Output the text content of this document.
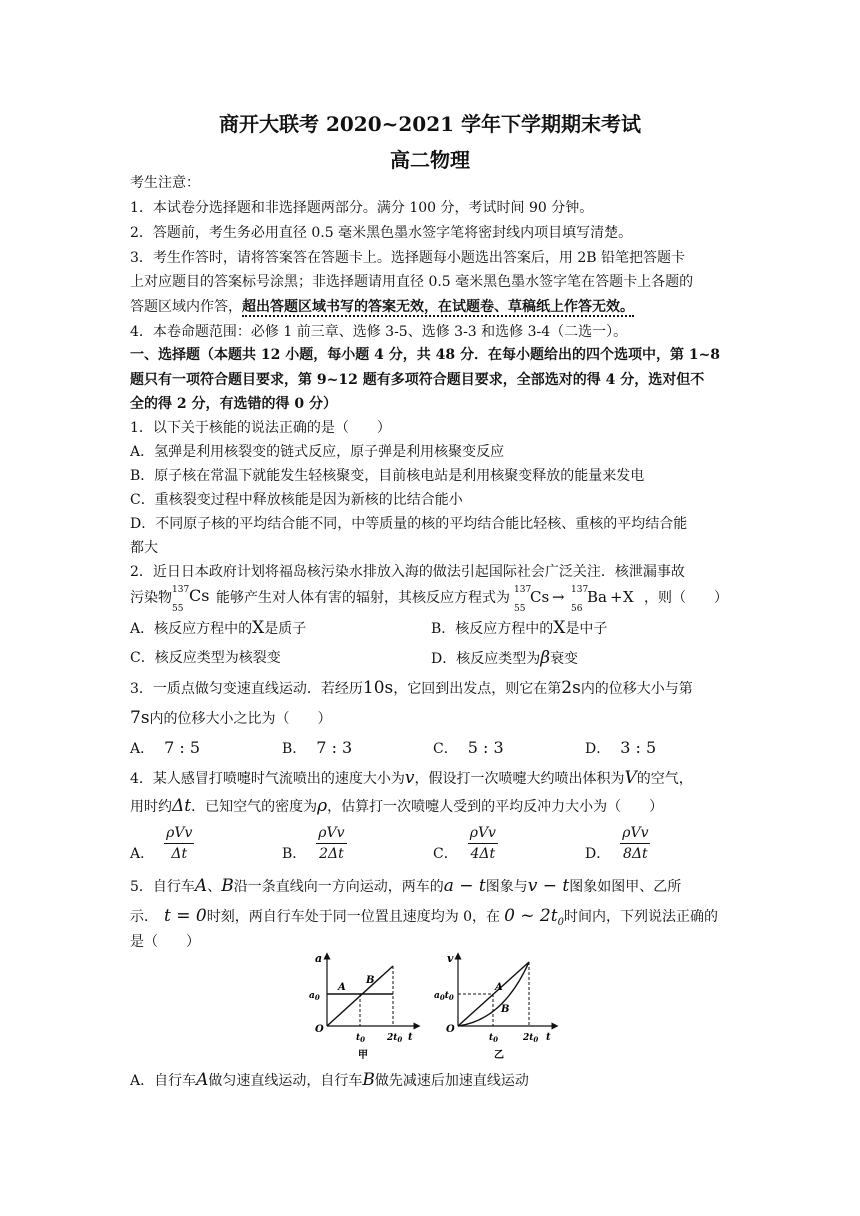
商开大联考 2020~2021 学年下学期期末考试
高二物理
考生注意：
1．本试卷分选择题和非选择题两部分。满分 100 分，考试时间 90 分钟。
2．答题前，考生务必用直径 0.5 毫米黑色墨水签字笔将密封线内项目填写清楚。
3．考生作答时，请将答案答在答题卡上。选择题每小题选出答案后，用 2B 铅笔把答题卡
上对应题目的答案标号涂黑；非选择题请用直径 0.5 毫米黑色墨水签字笔在答题卡上各题的
答题区域内作答，超出答题区域书写的答案无效，在试题卷、草稿纸上作答无效。
4．本卷命题范围：必修 1 前三章、选修 3-5、选修 3-3 和选修 3-4（二选一）。
一、选择题（本题共 12 小题，每小题 4 分，共 48 分．在每小题给出的四个选项中，第 1~8
题只有一项符合题目要求，第 9~12 题有多项符合题目要求，全部选对的得 4 分，选对但不
全的得 2 分，有选错的得 0 分）
1．以下关于核能的说法正确的是（　　）
A．氢弹是利用核裂变的链式反应，原子弹是利用核聚变反应
B．原子核在常温下就能发生轻核聚变，目前核电站是利用核聚变释放的能量来发电
C．重核裂变过程中释放核能是因为新核的比结合能小
D．不同原子核的平均结合能不同，中等质量的核的平均结合能比轻核、重核的平均结合能
都大
2．近日日本政府计划将福岛核污染水排放入海的做法引起国际社会广泛关注．核泄漏事故
污染物 137
55
Cs 能够产生对人体有害的辐射，其核反应方程式为 137
55
Cs → 137
56
Ba + X ，则（　　）
A．核反应方程中的X是质子	B．核反应方程中的X是中子
C．核反应类型为核裂变	D．核反应类型为β衰变
3．一质点做匀变速直线运动．若经历10s，它回到出发点，则它在第2s内的位移大小与第
7s内的位移大小之比为（　　）
A． 7 : 5	B． 7 : 3	C． 5 : 3	D． 3 : 5
4．某人感冒打喷嚏时气流喷出的速度大小为v，假设打一次喷嚏大约喷出体积为V的空气，
用时约Δt．已知空气的密度为ρ，估算打一次喷嚏人受到的平均反冲力大小为（　　）
A． $\frac{\text{ρVv}}{\Delta t}$	B． $\frac{\text{ρVv}}{2\Delta t}$	C． $\frac{\text{ρVv}}{4\Delta t}$	D． $\frac{\text{ρVv}}{8\Delta t}$
5．自行车A、B沿一条直线向一方向运动，两车的a − t图象与v − t图象如图甲、乙所
示． t = 0时刻，两自行车处于同一位置且速度均为 0，在 0 ~ $2t_0$时间内，下列说法正确的
是（　　）
a
$a_0$
O
A
B
$t_0$ $2t_0$ t
甲
v
$a_0t_0$
O
A
B
$t_0$	$2t_0$ t
乙
A．自行车A做匀速直线运动，自行车B做先减速后加速直线运动
